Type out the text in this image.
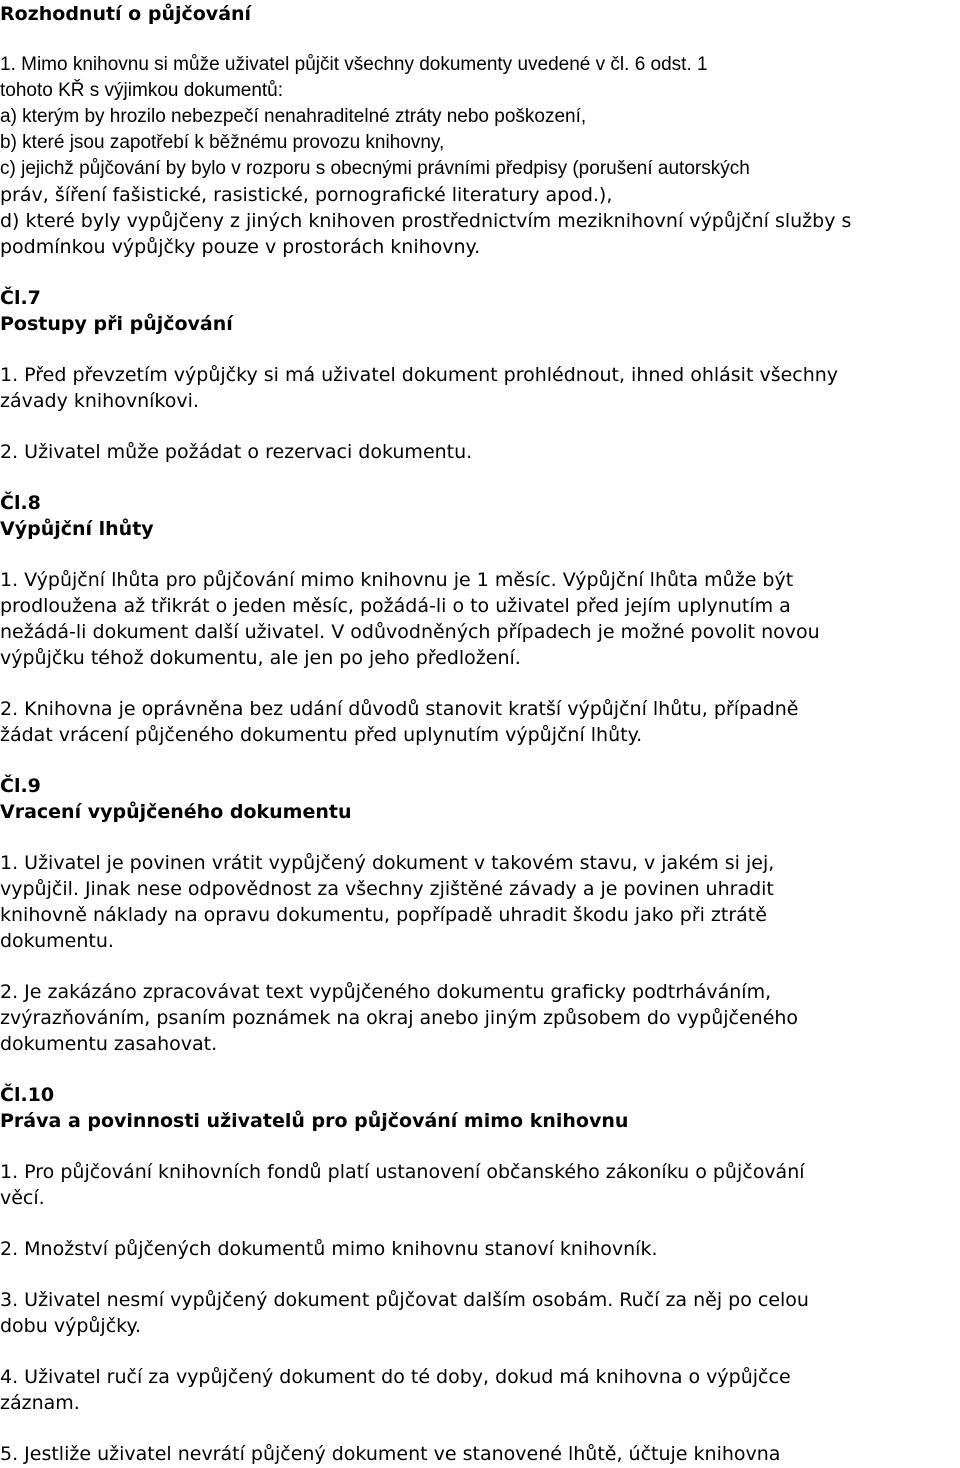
Rozhodnutí o půjčování
1. Mimo knihovnu si může uživatel půjčit všechny dokumenty uvedené v čl. 6 odst. 1
tohoto KŘ s výjimkou dokumentů:
a) kterým by hrozilo nebezpečí nenahraditelné ztráty nebo poškození,
b) které jsou zapotřebí k běžnému provozu knihovny,
c) jejichž půjčování by bylo v rozporu s obecnými právními předpisy (porušení autorských
práv, šíření fašistické, rasistické, pornografické literatury apod.),
d) které byly vypůjčeny z jiných knihoven prostřednictvím meziknihovní výpůjční služby s
podmínkou výpůjčky pouze v prostorách knihovny.
Čl.7
Postupy při půjčování
1. Před převzetím výpůjčky si má uživatel dokument prohlédnout, ihned ohlásit všechny
závady knihovníkovi.
2. Uživatel může požádat o rezervaci dokumentu.
Čl.8
Výpůjční lhůty
1. Výpůjční lhůta pro půjčování mimo knihovnu je 1 měsíc. Výpůjční lhůta může být
prodloužena až třikrát o jeden měsíc, požádá-li o to uživatel před jejím uplynutím a
nežádá-li dokument další uživatel. V odůvodněných případech je možné povolit novou
výpůjčku téhož dokumentu, ale jen po jeho předložení.
2. Knihovna je oprávněna bez udání důvodů stanovit kratší výpůjční lhůtu, případně
žádat vrácení půjčeného dokumentu před uplynutím výpůjční lhůty.
Čl.9
Vracení vypůjčeného dokumentu
1. Uživatel je povinen vrátit vypůjčený dokument v takovém stavu, v jakém si jej,
vypůjčil. Jinak nese odpovědnost za všechny zjištěné závady a je povinen uhradit
knihovně náklady na opravu dokumentu, popřípadě uhradit škodu jako při ztrátě
dokumentu.
2. Je zakázáno zpracovávat text vypůjčeného dokumentu graficky podtrháváním,
zvýrazňováním, psaním poznámek na okraj anebo jiným způsobem do vypůjčeného
dokumentu zasahovat.
Čl.10
Práva a povinnosti uživatelů pro půjčování mimo knihovnu
1. Pro půjčování knihovních fondů platí ustanovení občanského zákoníku o půjčování
věcí.
2. Množství půjčených dokumentů mimo knihovnu stanoví knihovník.
3. Uživatel nesmí vypůjčený dokument půjčovat dalším osobám. Ručí za něj po celou
dobu výpůjčky.
4. Uživatel ručí za vypůjčený dokument do té doby, dokud má knihovna o výpůjčce
záznam.
5. Jestliže uživatel nevrátí půjčený dokument ve stanovené lhůtě, účtuje knihovna
